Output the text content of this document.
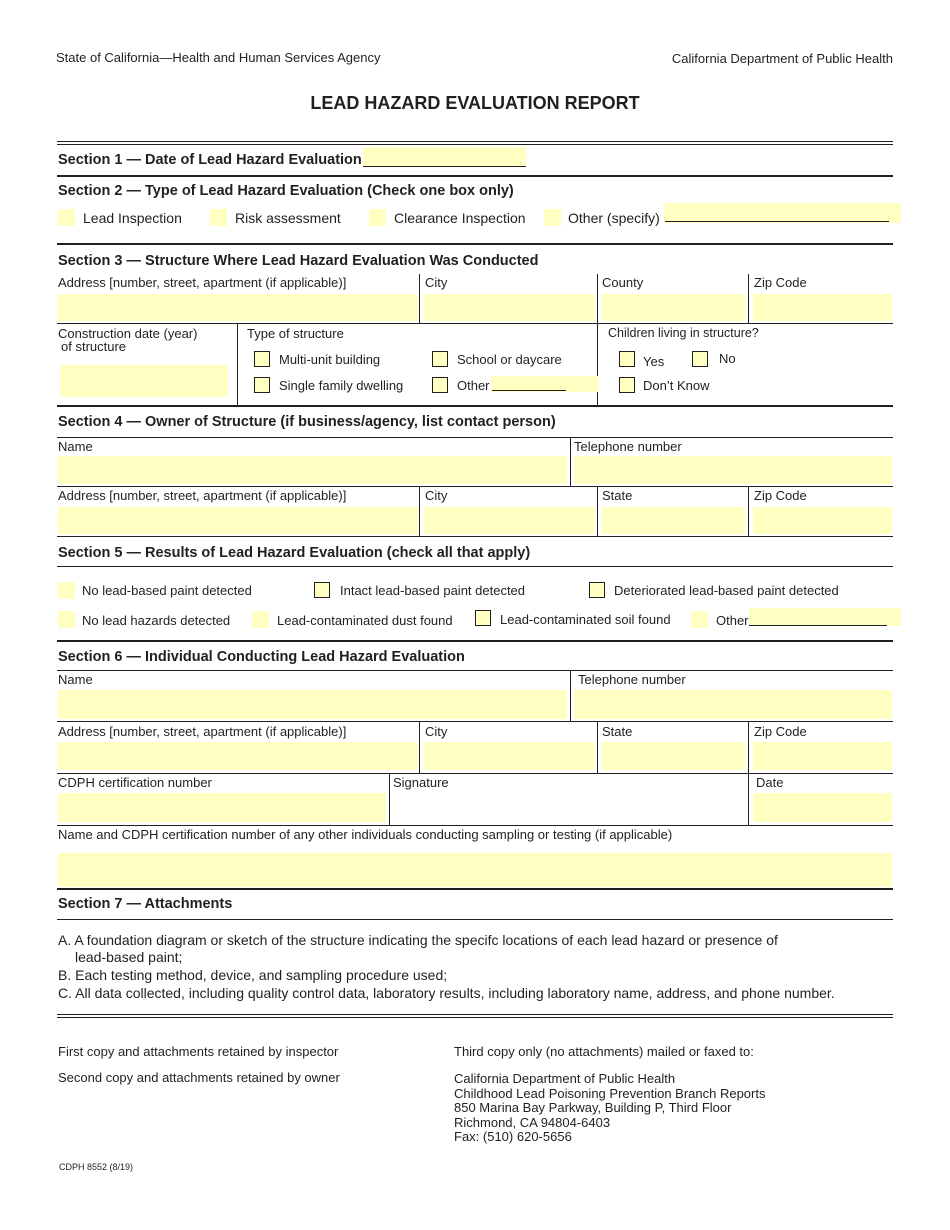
State of California—Health and Human Services Agency	California Department of Public Health
LEAD HAZARD EVALUATION REPORT
Section 1 — Date of Lead Hazard Evaluation
Section 2 — Type of Lead Hazard Evaluation (Check one box only)
Lead Inspection	Risk assessment	Clearance Inspection	Other (specify)
Section 3 — Structure Where Lead Hazard Evaluation Was Conducted
Address [number, street, apartment (if applicable)]	City	County	Zip Code
Construction date (year)
of structure
Type of structure
Multi-unit building	School or daycare
Single family dwelling	Other
Children living in structure?
Yes	No
Don’t Know
Section 4 — Owner of Structure (if business/agency, list contact person)
Name	Telephone number
Address [number, street, apartment (if applicable)]	City	State	Zip Code
Section 5 — Results of Lead Hazard Evaluation (check all that apply)
No lead-based paint detected	Intact lead-based paint detected	Deteriorated lead-based paint detected
No lead hazards detected	Lead-contaminated dust found	Lead-contaminated soil found	Other
Section 6 — Individual Conducting Lead Hazard Evaluation
Name	Telephone number
Address [number, street, apartment (if applicable)]	City	State	Zip Code
CDPH certification number	Signature	Date
Name and CDPH certification number of any other individuals conducting sampling or testing (if applicable)
Section 7 — Attachments
A. A foundation diagram or sketch of the structure indicating the specifc locations of each lead hazard or presence of
lead-based paint;
B. Each testing method, device, and sampling procedure used;
C. All data collected, including quality control data, laboratory results, including laboratory name, address, and phone number.
First copy and attachments retained by inspector
Second copy and attachments retained by owner
Third copy only (no attachments) mailed or faxed to:
California Department of Public Health
Childhood Lead Poisoning Prevention Branch Reports
850 Marina Bay Parkway, Building P, Third Floor
Richmond, CA 94804-6403
Fax: (510) 620-5656
CDPH 8552 (8/19)
